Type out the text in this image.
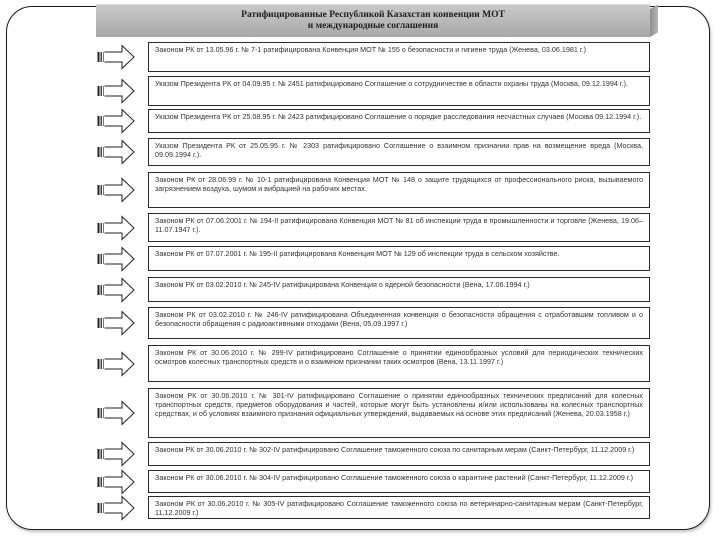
Ратифицированные Республикой Казахстан конвенции МОТ
и международные соглашения
Законом РК от 13.05.96 г. № 7-1 ратифицирована Конвенция МОТ № 155 о безопасности и гигиене труда (Женева, 03.06.1981 г.)
Указом Президента РК от 04.09.95 г. № 2451 ратифицировано Соглашение о сотрудничестве в области охраны труда (Москва, 09.12.1994 г.).
Указом Президента РК от 25.08.95 г. № 2423 ратифицировано Соглашение о порядке расследования несчастных случаев (Москва 09.12.1994 г.).
Указом Президента РК от 25.05.95 г. № 2303 ратифицировано Соглашение о взаимном признании прав на возмещение вреда (Москва, 09.09.1994 г.).
Законом РК от 28.06.99 г. № 10-1 ратифицирована Конвенция МОТ № 148 о защите трудящихся от профессионального риска, вызываемого загрязнением воздуха, шумом и вибрацией на рабочих местах.
Законом РК от 07.06.2001 г. № 194-II ратифицирована Конвенция МОТ № 81 об инспекции труда в промышленности и торговле (Женева, 19.06–11.07.1947 г.).
Законом РК от 07.07.2001 г. № 195-II ратифицирована Конвенция МОТ № 129 об инспекции труда в сельском хозяйстве.
Законом РК от 03.02.2010 г. № 245-IV ратифицирована Конвенция о ядерной безопасности (Вена, 17.06.1994 г.)
Законом РК от 03.02.2010 г. № 246-IV ратифицирована Объединенная конвенция о безопасности обращения с отработавшим топливом и о безопасности обращения с радиоактивными отходами (Вена, 05.09.1997 г.)
Законом РК от 30.06.2010 г. № 299-IV ратифицировано Соглашение о принятии единообразных условий для периодических технических осмотров колесных транспортных средств и о взаимном признании таких осмотров (Вена, 13.11.1997 г.)
Законом РК от 30.06.2010 г. № 301-IV ратифицировано Соглашение о принятии единообразных технических предписаний для колесных транспортных средств, предметов оборудования и частей, которые могут быть установлены и/или использованы на колесных транспортных средствах, и об условиях взаимного признания официальных утверждений, выдаваемых на основе этих предписаний (Женева, 20.03.1958 г.)
Законом РК от 30.06.2010 г. № 302-IV ратифицировано Соглашение таможенного союза по санитарным мерам (Санкт-Петербург, 11.12.2009 г.)
Законом РК от 30.06.2010 г. № 304-IV ратифицировано Соглашение таможенного союза о карантине растений (Санкт-Петербург, 11.12.2009 г.)
Законом РК от 30.06.2010 г. № 305-IV ратифицировано Соглашение таможенного союза по ветеринарно-санитарным мерам (Санкт-Петербург, 11.12.2009 г.)
